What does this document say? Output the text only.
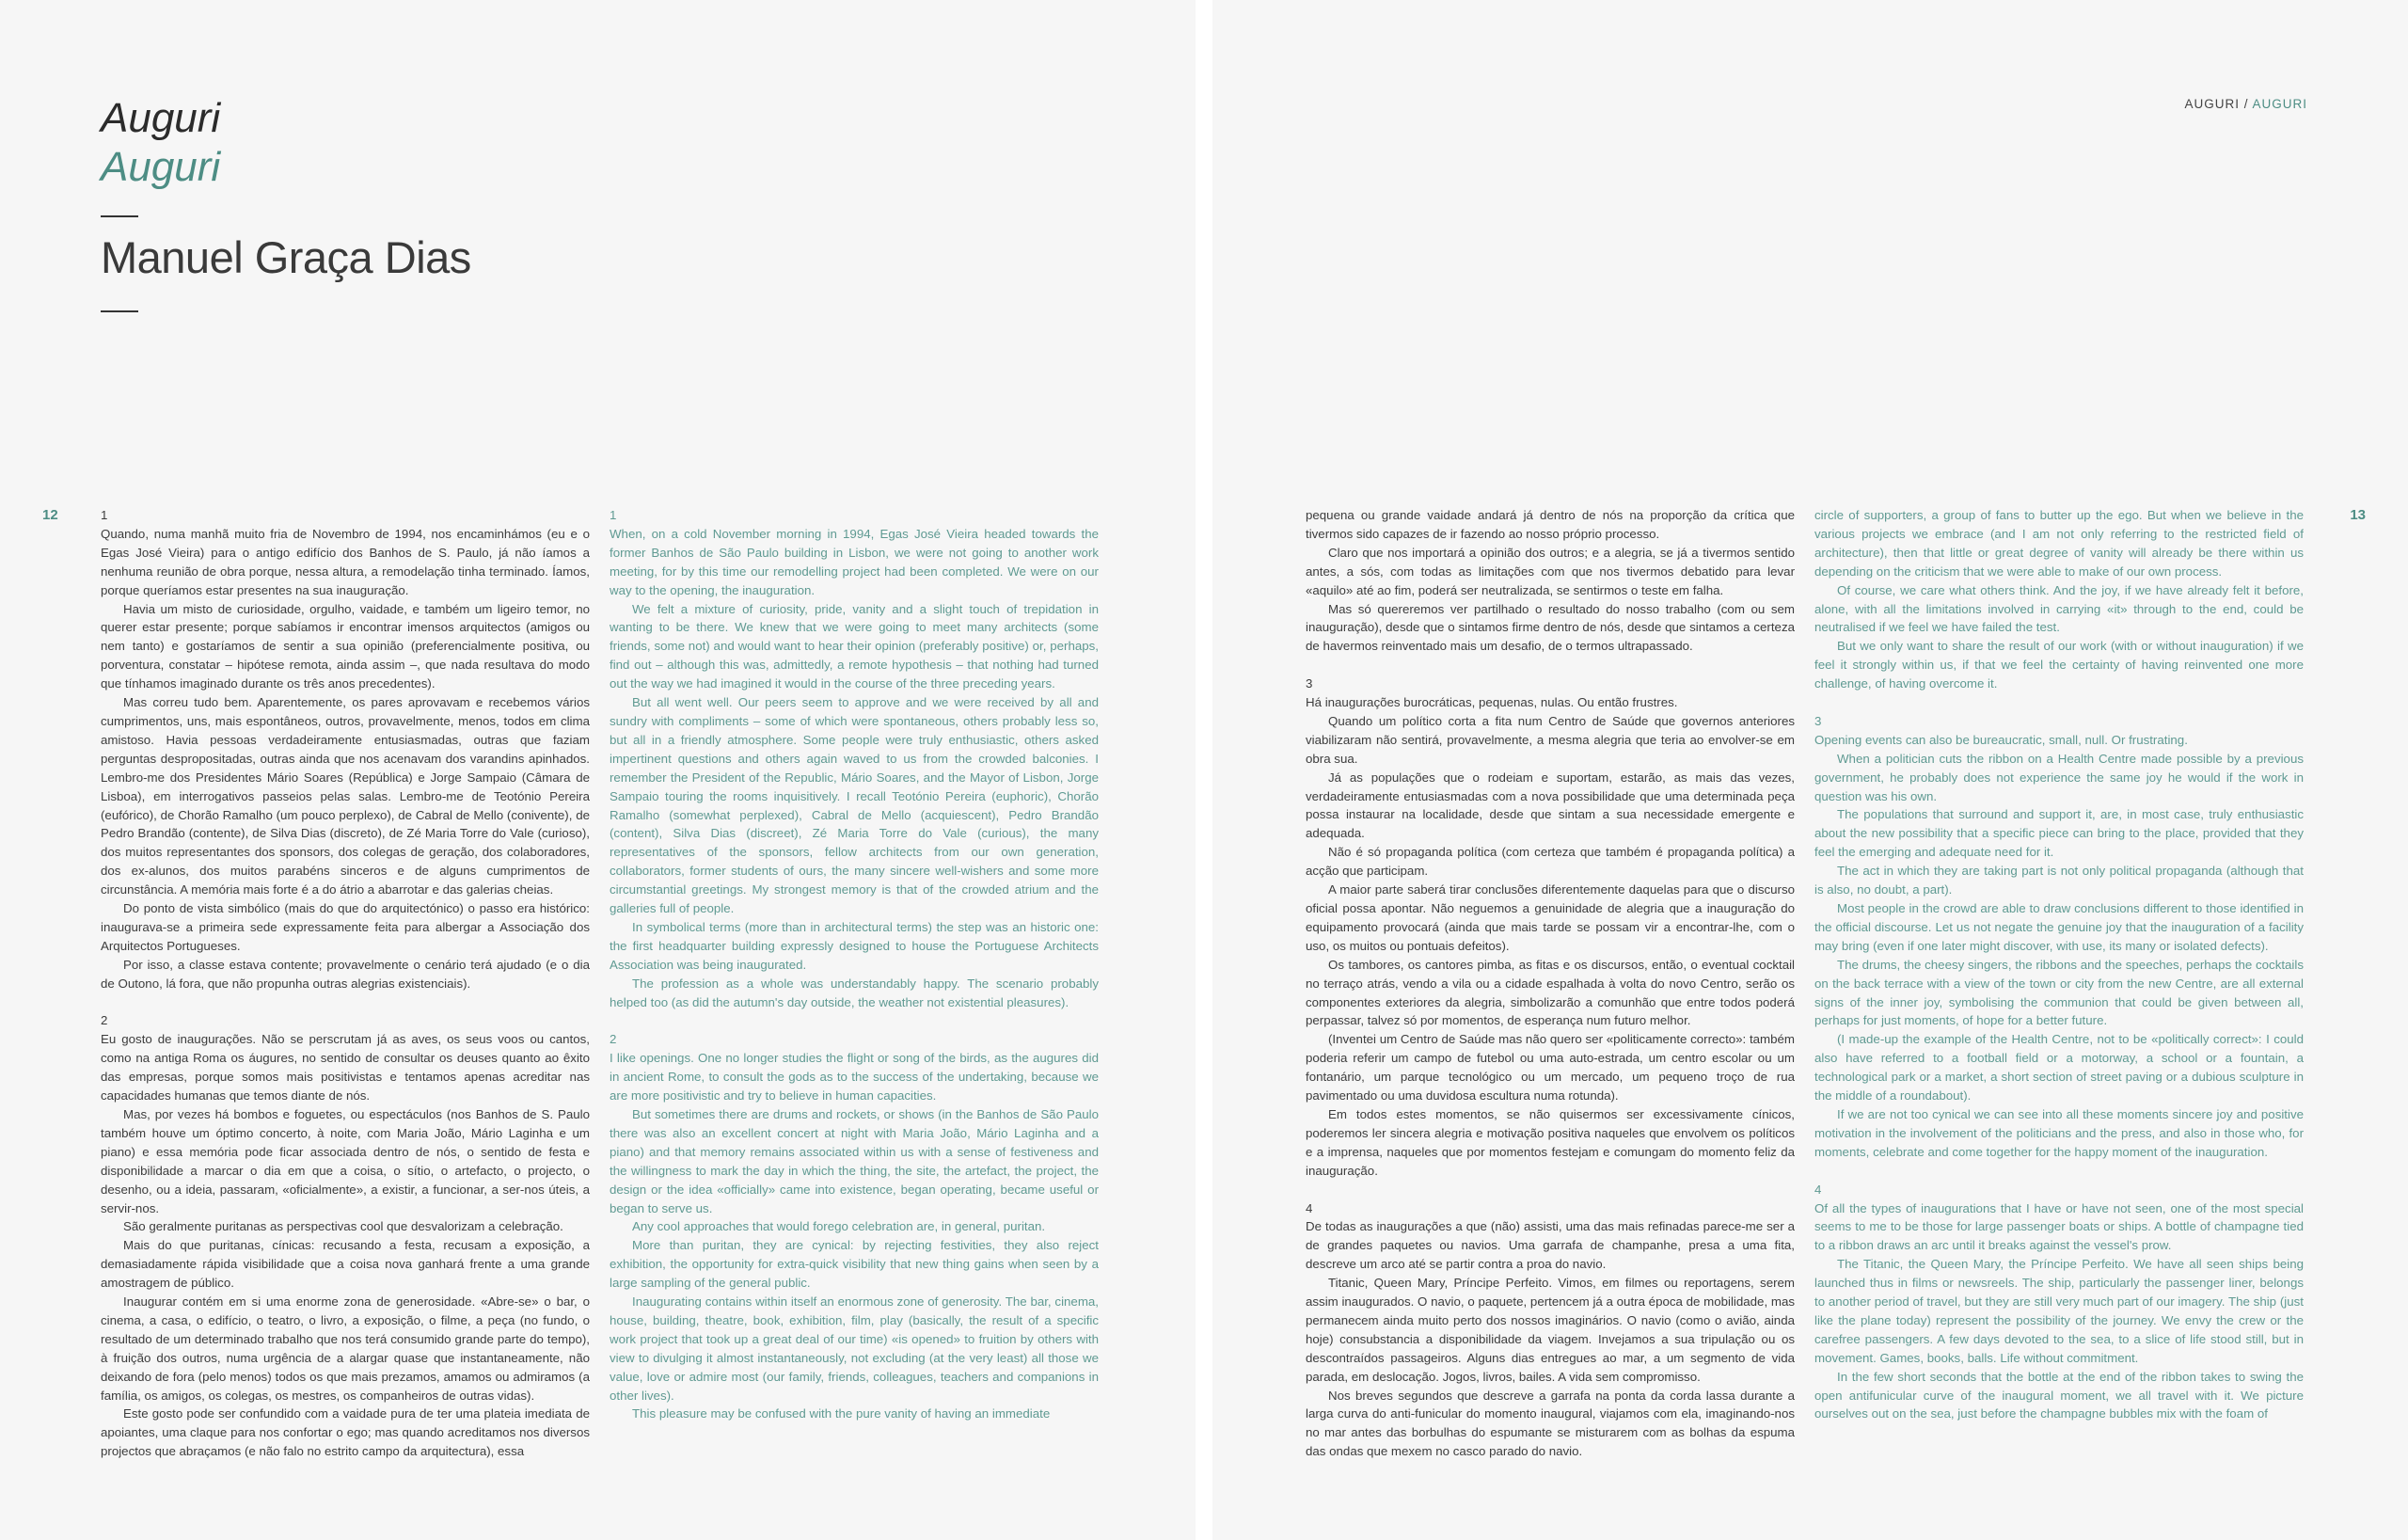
Auguri
Auguri
Manuel Graça Dias
12	1

Quando, numa manhã muito fria de Novembro de 1994, nos encaminhámos (eu e o Egas José Vieira) para o antigo edifício dos Banhos de S. Paulo, já não íamos a nenhuma reunião de obra porque, nessa altura, a remodelação tinha terminado. Íamos, porque queríamos estar presentes na sua inauguração.

Havia um misto de curiosidade, orgulho, vaidade, e também um ligeiro temor, no querer estar presente; porque sabíamos ir encontrar imensos arquitectos (amigos ou nem tanto) e gostaríamos de sentir a sua opinião (preferencialmente positiva, ou porventura, constatar – hipótese remota, ainda assim –, que nada resultava do modo que tínhamos imaginado durante os três anos precedentes).

Mas correu tudo bem. Aparentemente, os pares aprovavam e recebemos vários cumprimentos, uns, mais espontâneos, outros, provavelmente, menos, todos em clima amistoso. Havia pessoas verdadeiramente entusiasmadas, outras que faziam perguntas despropositadas, outras ainda que nos acenavam dos varandins apinhados. Lembro-me dos Presidentes Mário Soares (República) e Jorge Sampaio (Câmara de Lisboa), em interrogativos passeios pelas salas. Lembro-me de Teotónio Pereira (eufórico), de Chorão Ramalho (um pouco perplexo), de Cabral de Mello (conivente), de Pedro Brandão (contente), de Silva Dias (discreto), de Zé Maria Torre do Vale (curioso), dos muitos representantes dos sponsors, dos colegas de geração, dos colaboradores, dos ex-alunos, dos muitos parabéns sinceros e de alguns cumprimentos de circunstância. A memória mais forte é a do átrio a abarrotar e das galerias cheias.

Do ponto de vista simbólico (mais do que do arquitectónico) o passo era histórico: inaugurava-se a primeira sede expressamente feita para albergar a Associação dos Arquitectos Portugueses.

Por isso, a classe estava contente; provavelmente o cenário terá ajudado (e o dia de Outono, lá fora, que não propunha outras alegrias existenciais).

2

Eu gosto de inaugurações. Não se perscrutam já as aves, os seus voos ou cantos, como na antiga Roma os áugures, no sentido de consultar os deuses quanto ao êxito das empresas, porque somos mais positivistas e tentamos apenas acreditar nas capacidades humanas que temos diante de nós.

Mas, por vezes há bombos e foguetes, ou espectáculos (nos Banhos de S. Paulo também houve um óptimo concerto, à noite, com Maria João, Mário Laginha e um piano) e essa memória pode ficar associada dentro de nós, o sentido de festa e disponibilidade a marcar o dia em que a coisa, o sítio, o artefacto, o projecto, o desenho, ou a ideia, passaram, «oficialmente», a existir, a funcionar, a ser-nos úteis, a servir-nos.

São geralmente puritanas as perspectivas cool que desvalorizam a celebração.

Mais do que puritanas, cínicas: recusando a festa, recusam a exposição, a demasiadamente rápida visibilidade que a coisa nova ganhará frente a uma grande amostragem de público.

Inaugurar contém em si uma enorme zona de generosidade. «Abre-se» o bar, o cinema, a casa, o edifício, o teatro, o livro, a exposição, o filme, a peça (no fundo, o resultado de um determinado trabalho que nos terá consumido grande parte do tempo), à fruição dos outros, numa urgência de a alargar quase que instantaneamente, não deixando de fora (pelo menos) todos os que mais prezamos, amamos ou admiramos (a família, os amigos, os colegas, os mestres, os companheiros de outras vidas).

Este gosto pode ser confundido com a vaidade pura de ter uma plateia imediata de apoiantes, uma claque para nos confortar o ego; mas quando acreditamos nos diversos projectos que abraçamos (e não falo no estrito campo da arquitectura), essa

1

When, on a cold November morning in 1994, Egas José Vieira headed towards the former Banhos de São Paulo building in Lisbon, we were not going to another work meeting, for by this time our remodelling project had been completed. We were on our way to the opening, the inauguration.

We felt a mixture of curiosity, pride, vanity and a slight touch of trepidation in wanting to be there. We knew that we were going to meet many architects (some friends, some not) and would want to hear their opinion (preferably positive) or, perhaps, find out – although this was, admittedly, a remote hypothesis – that nothing had turned out the way we had imagined it would in the course of the three preceding years.

But all went well. Our peers seem to approve and we were received by all and sundry with compliments – some of which were spontaneous, others probably less so, but all in a friendly atmosphere. Some people were truly enthusiastic, others asked impertinent questions and others again waved to us from the crowded balconies. I remember the President of the Republic, Mário Soares, and the Mayor of Lisbon, Jorge Sampaio touring the rooms inquisitively. I recall Teotónio Pereira (euphoric), Chorão Ramalho (somewhat perplexed), Cabral de Mello (acquiescent), Pedro Brandão (content), Silva Dias (discreet), Zé Maria Torre do Vale (curious), the many representatives of the sponsors, fellow architects from our own generation, collaborators, former students of ours, the many sincere well-wishers and some more circumstantial greetings. My strongest memory is that of the crowded atrium and the galleries full of people.

In symbolical terms (more than in architectural terms) the step was an historic one: the first headquarter building expressly designed to house the Portuguese Architects Association was being inaugurated.

The profession as a whole was understandably happy. The scenario probably helped too (as did the autumn's day outside, the weather not existential pleasures).

2

I like openings. One no longer studies the flight or song of the birds, as the augures did in ancient Rome, to consult the gods as to the success of the undertaking, because we are more positivistic and try to believe in human capacities.

But sometimes there are drums and rockets, or shows (in the Banhos de São Paulo there was also an excellent concert at night with Maria João, Mário Laginha and a piano) and that memory remains associated within us with a sense of festiveness and the willingness to mark the day in which the thing, the site, the artefact, the project, the design or the idea «officially» came into existence, began operating, became useful or began to serve us.

Any cool approaches that would forego celebration are, in general, puritan.

More than puritan, they are cynical: by rejecting festivities, they also reject exhibition, the opportunity for extra-quick visibility that new thing gains when seen by a large sampling of the general public.

Inaugurating contains within itself an enormous zone of generosity. The bar, cinema, house, building, theatre, book, exhibition, film, play (basically, the result of a specific work project that took up a great deal of our time) «is opened» to fruition by others with view to divulging it almost instantaneously, not excluding (at the very least) all those we value, love or admire most (our family, friends, colleagues, teachers and companions in other lives).

This pleasure may be confused with the pure vanity of having an immediate

AUGURI / AUGURI

pequena ou grande vaidade andará já dentro de nós na proporção da crítica que tivermos sido capazes de ir fazendo ao nosso próprio processo.

Claro que nos importará a opinião dos outros; e a alegria, se já a tivermos sentido antes, a sós, com todas as limitações com que nos tivermos debatido para levar «aquilo» até ao fim, poderá ser neutralizada, se sentirmos o teste em falha.

Mas só quereremos ver partilhado o resultado do nosso trabalho (com ou sem inauguração), desde que o sintamos firme dentro de nós, desde que sintamos a certeza de havermos reinventado mais um desafio, de o termos ultrapassado.

3

Há inaugurações burocráticas, pequenas, nulas. Ou então frustres.

Quando um político corta a fita num Centro de Saúde que governos anteriores viabilizaram não sentirá, provavelmente, a mesma alegria que teria ao envolver-se em obra sua.

Já as populações que o rodeiam e suportam, estarão, as mais das vezes, verdadeiramente entusiasmadas com a nova possibilidade que uma determinada peça possa instaurar na localidade, desde que sintam a sua necessidade emergente e adequada.

Não é só propaganda política (com certeza que também é propaganda política) a acção que participam.

A maior parte saberá tirar conclusões diferentemente daquelas para que o discurso oficial possa apontar. Não neguemos a genuinidade de alegria que a inauguração do equipamento provocará (ainda que mais tarde se possam vir a encontrar-lhe, com o uso, os muitos ou pontuais defeitos).

Os tambores, os cantores pimba, as fitas e os discursos, então, o eventual cocktail no terraço atrás, vendo a vila ou a cidade espalhada à volta do novo Centro, serão os componentes exteriores da alegria, simbolizarão a comunhão que entre todos poderá perpassar, talvez só por momentos, de esperança num futuro melhor.

(Inventei um Centro de Saúde mas não quero ser «politicamente correcto»: também poderia referir um campo de futebol ou uma auto-estrada, um centro escolar ou um fontanário, um parque tecnológico ou um mercado, um pequeno troço de rua pavimentado ou uma duvidosa escultura numa rotunda).

Em todos estes momentos, se não quisermos ser excessivamente cínicos, poderemos ler sincera alegria e motivação positiva naqueles que envolvem os políticos e a imprensa, naqueles que por momentos festejam e comungam do momento feliz da inauguração.

4

De todas as inaugurações a que (não) assisti, uma das mais refinadas parece-me ser a de grandes paquetes ou navios. Uma garrafa de champanhe, presa a uma fita, descreve um arco até se partir contra a proa do navio.

Titanic, Queen Mary, Príncipe Perfeito. Vimos, em filmes ou reportagens, serem assim inaugurados. O navio, o paquete, pertencem já a outra época de mobilidade, mas permanecem ainda muito perto dos nossos imaginários. O navio (como o avião, ainda hoje) consubstancia a disponibilidade da viagem. Invejamos a sua tripulação ou os descontraídos passageiros. Alguns dias entregues ao mar, a um segmento de vida parada, em deslocação. Jogos, livros, bailes. A vida sem compromisso.

Nos breves segundos que descreve a garrafa na ponta da corda lassa durante a larga curva do anti-funicular do momento inaugural, viajamos com ela, imaginando-nos no mar antes das borbulhas do espumante se misturarem com as bolhas da espuma das ondas que mexem no casco parado do navio.

circle of supporters, a group of fans to butter up the ego. But when we believe in the various projects we embrace (and I am not only referring to the restricted field of architecture), then that little or great degree of vanity will already be there within us depending on the criticism that we were able to make of our own process.

Of course, we care what others think. And the joy, if we have already felt it before, alone, with all the limitations involved in carrying «it» through to the end, could be neutralised if we feel we have failed the test.

But we only want to share the result of our work (with or without inauguration) if we feel it strongly within us, if that we feel the certainty of having reinvented one more challenge, of having overcome it.

3

Opening events can also be bureaucratic, small, null. Or frustrating.

When a politician cuts the ribbon on a Health Centre made possible by a previous government, he probably does not experience the same joy he would if the work in question was his own.

The populations that surround and support it, are, in most case, truly enthusiastic about the new possibility that a specific piece can bring to the place, provided that they feel the emerging and adequate need for it.

The act in which they are taking part is not only political propaganda (although that is also, no doubt, a part).

Most people in the crowd are able to draw conclusions different to those identified in the official discourse. Let us not negate the genuine joy that the inauguration of a facility may bring (even if one later might discover, with use, its many or isolated defects).

The drums, the cheesy singers, the ribbons and the speeches, perhaps the cocktails on the back terrace with a view of the town or city from the new Centre, are all external signs of the inner joy, symbolising the communion that could be given between all, perhaps for just moments, of hope for a better future.

(I made-up the example of the Health Centre, not to be «politically correct»: I could also have referred to a football field or a motorway, a school or a fountain, a technological park or a market, a short section of street paving or a dubious sculpture in the middle of a roundabout).

If we are not too cynical we can see into all these moments sincere joy and positive motivation in the involvement of the politicians and the press, and also in those who, for moments, celebrate and come together for the happy moment of the inauguration.

4

Of all the types of inaugurations that I have or have not seen, one of the most special seems to me to be those for large passenger boats or ships. A bottle of champagne tied to a ribbon draws an arc until it breaks against the vessel's prow.

The Titanic, the Queen Mary, the Príncipe Perfeito. We have all seen ships being launched thus in films or newsreels. The ship, particularly the passenger liner, belongs to another period of travel, but they are still very much part of our imagery. The ship (just like the plane today) represent the possibility of the journey. We envy the crew or the carefree passengers. A few days devoted to the sea, to a slice of life stood still, but in movement. Games, books, balls. Life without commitment.

In the few short seconds that the bottle at the end of the ribbon takes to swing the open antifunicular curve of the inaugural moment, we all travel with it. We picture ourselves out on the sea, just before the champagne bubbles mix with the foam of

13
